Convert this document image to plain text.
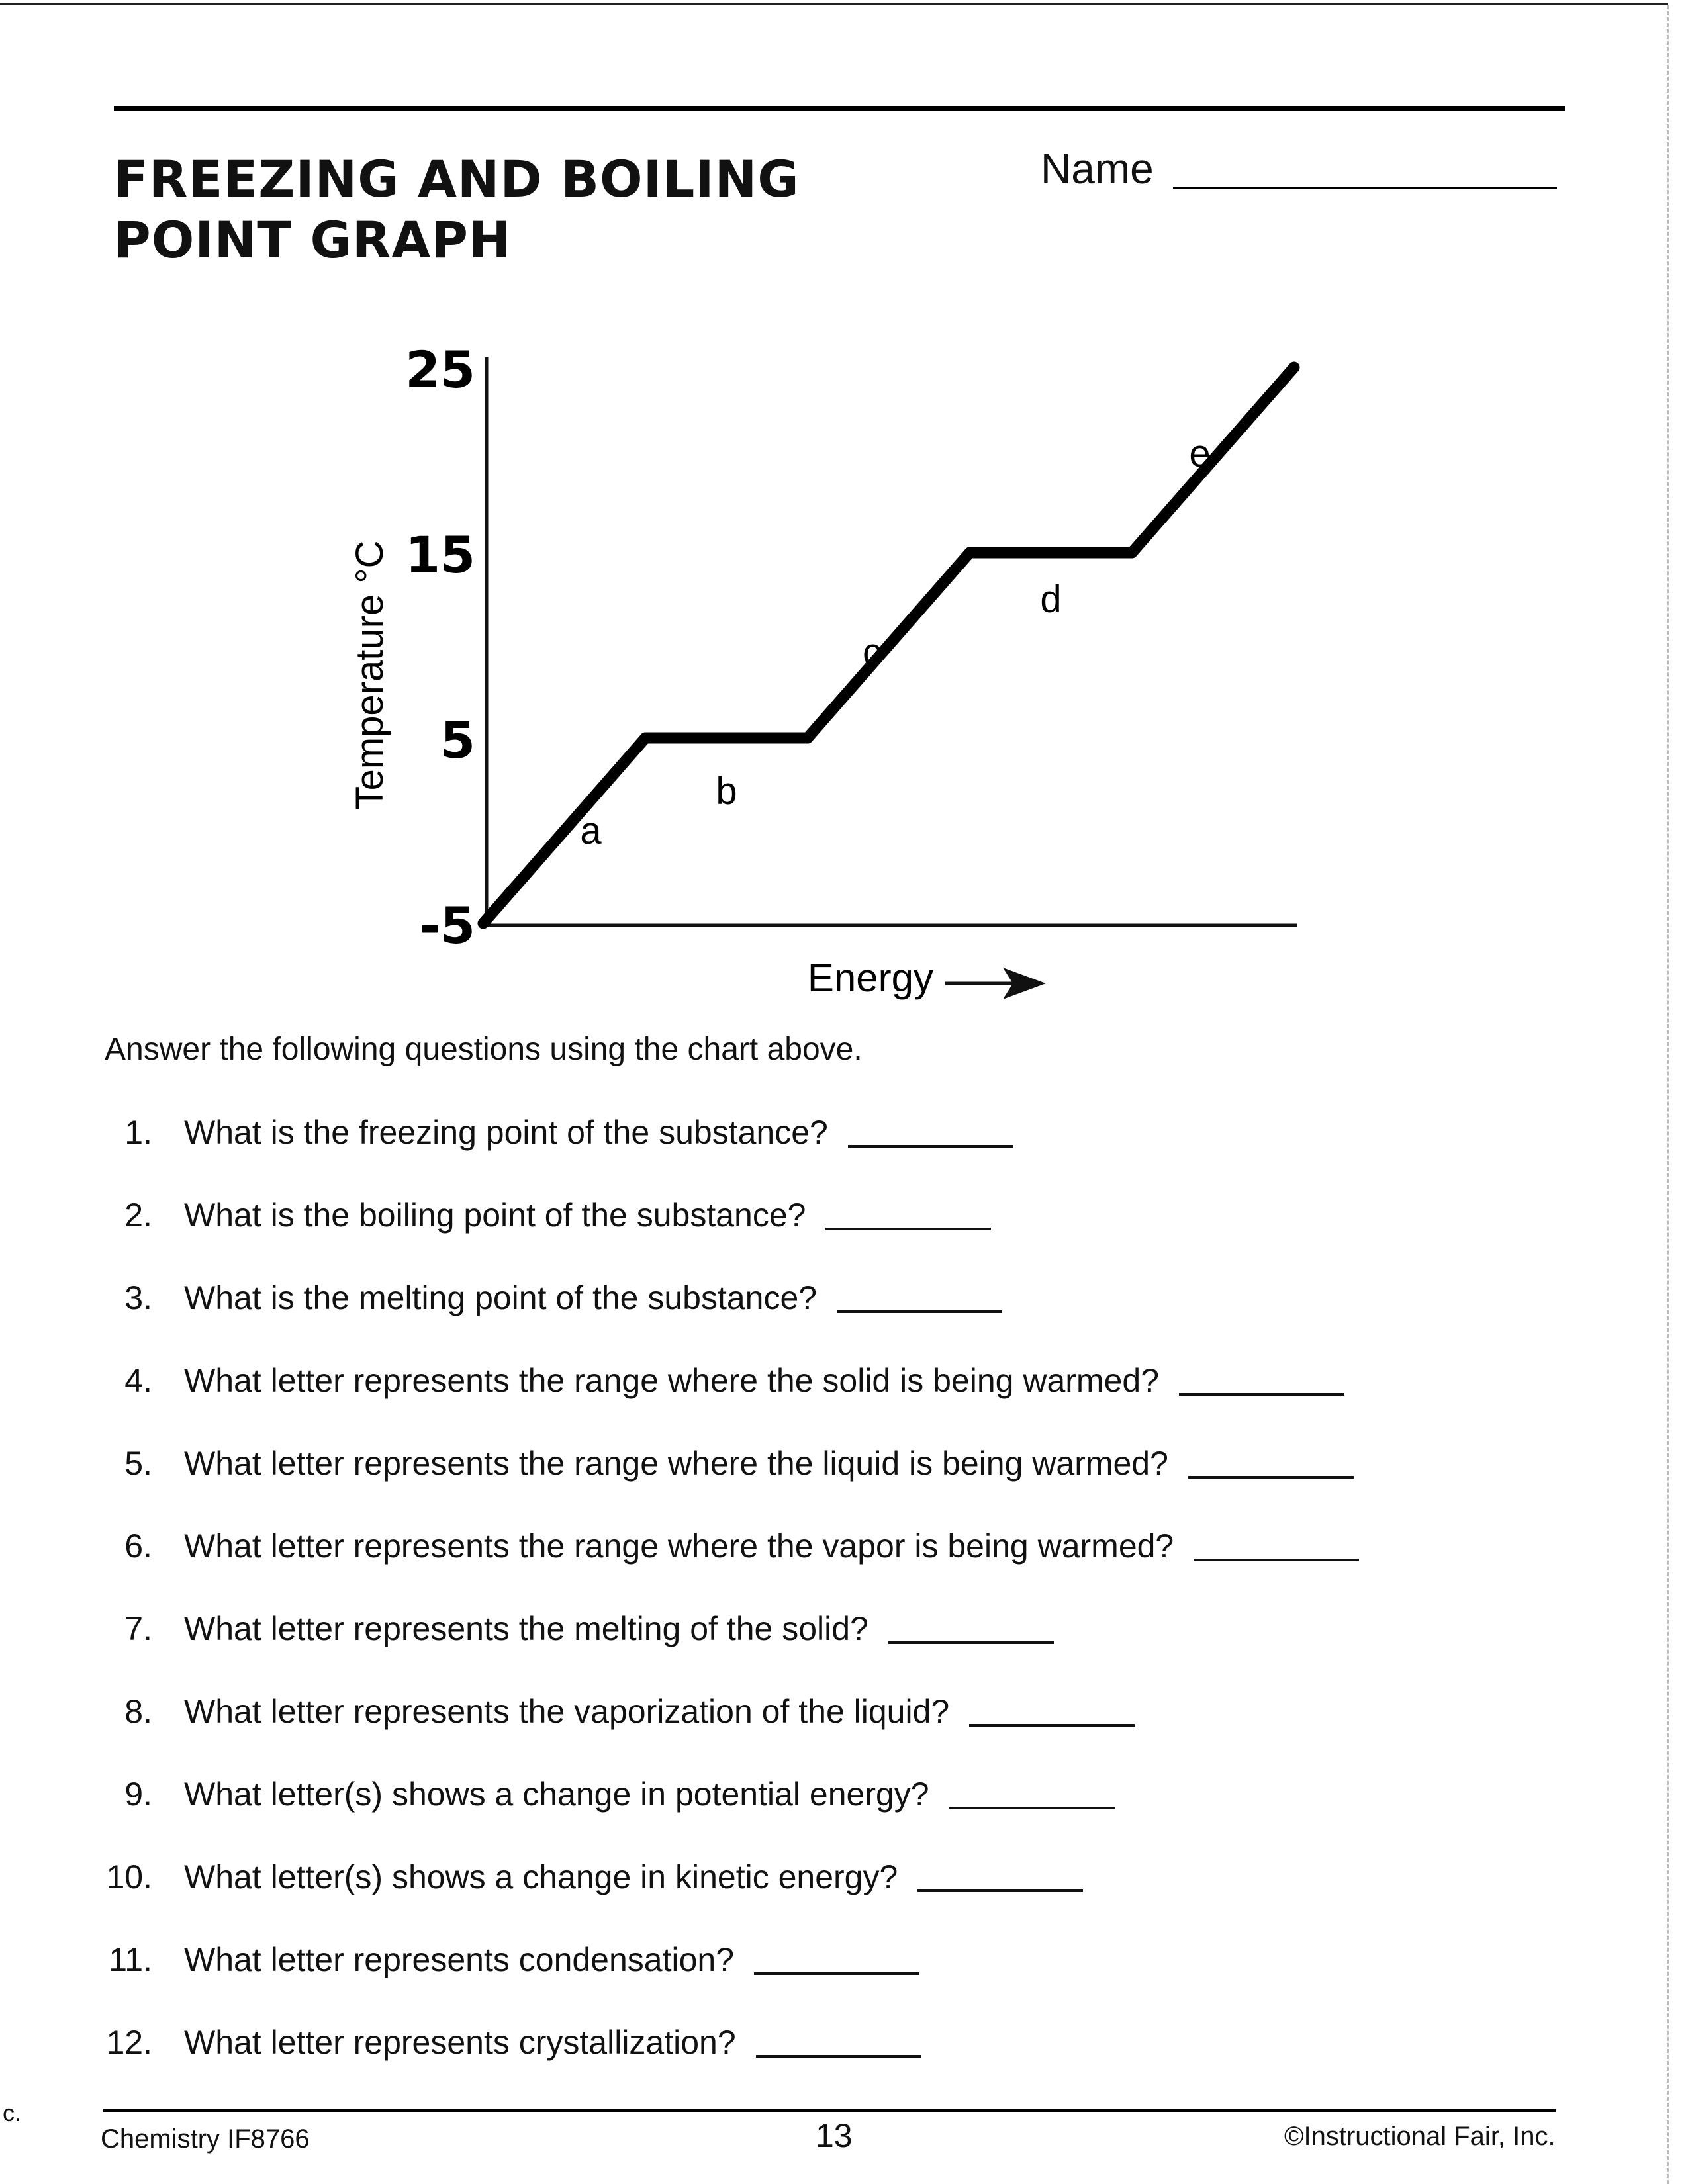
FREEZING AND BOILING
POINT GRAPH
Name
25
15
5
-5
Temperature °C
Energy
a
b
c
d
e
Answer the following questions using the chart above.
1. What is the freezing point of the substance?
2. What is the boiling point of the substance?
3. What is the melting point of the substance?
4. What letter represents the range where the solid is being warmed?
5. What letter represents the range where the liquid is being warmed?
6. What letter represents the range where the vapor is being warmed?
7. What letter represents the melting of the solid?
8. What letter represents the vaporization of the liquid?
9. What letter(s) shows a change in potential energy?
10. What letter(s) shows a change in kinetic energy?
11. What letter represents condensation?
12. What letter represents crystallization?
Chemistry IF8766	13	©Instructional Fair, Inc.
c.
